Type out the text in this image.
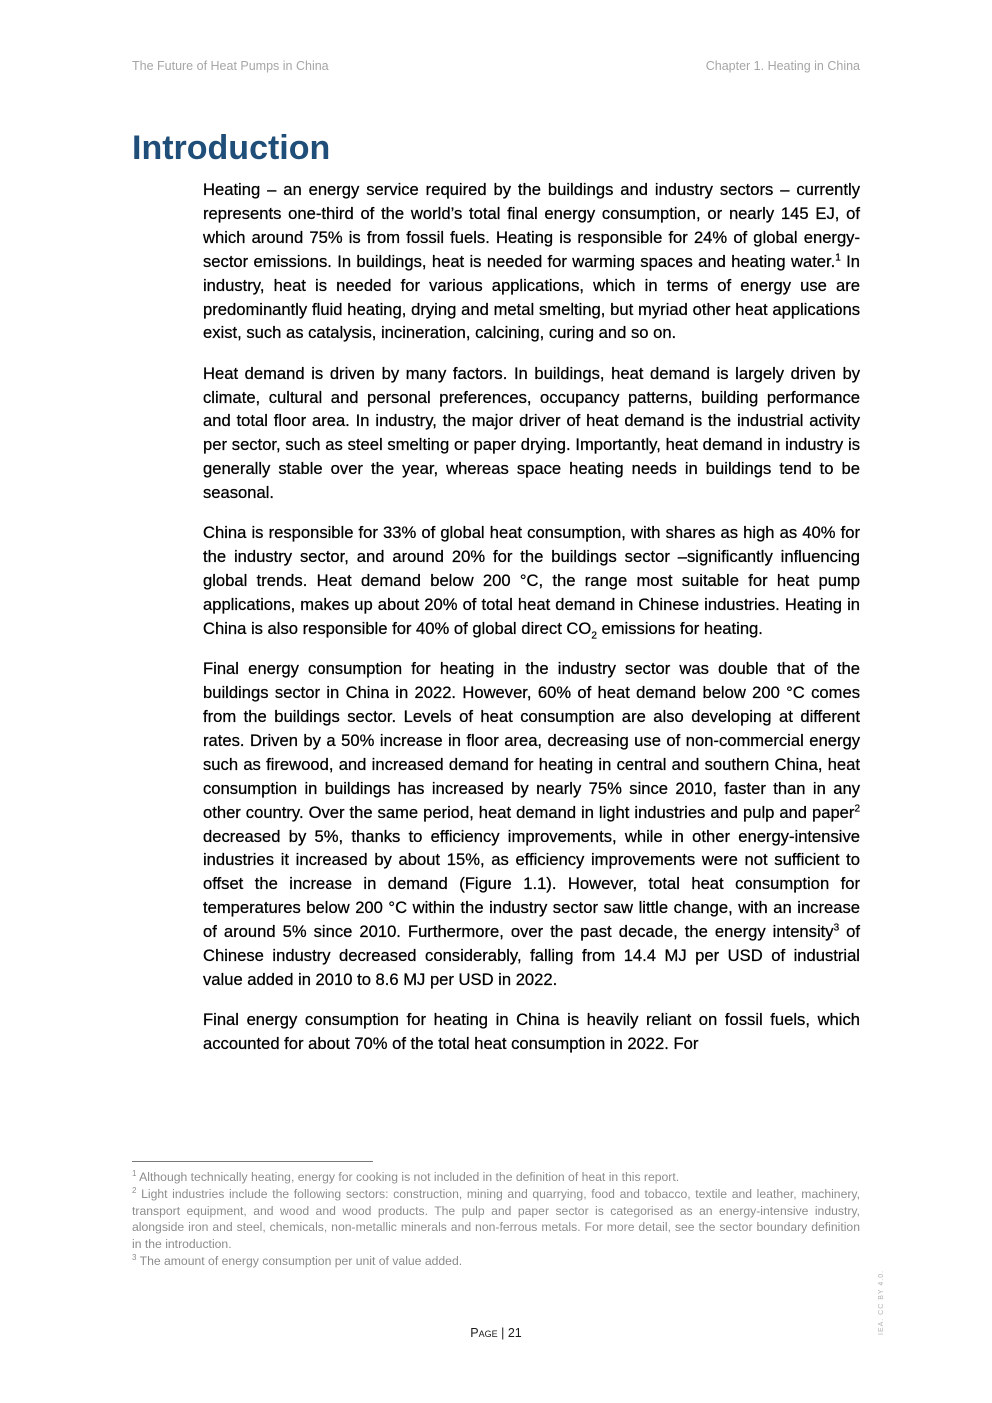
The Future of Heat Pumps in China	Chapter 1. Heating in China
Introduction

Heating – an energy service required by the buildings and industry sectors – currently represents one-third of the world’s total final energy consumption, or nearly 145 EJ, of which around 75% is from fossil fuels. Heating is responsible for 24% of global energy-sector emissions. In buildings, heat is needed for warming spaces and heating water.$^1$ In industry, heat is needed for various applications, which in terms of energy use are predominantly fluid heating, drying and metal smelting, but myriad other heat applications exist, such as catalysis, incineration, calcining, curing and so on.

Heat demand is driven by many factors. In buildings, heat demand is largely driven by climate, cultural and personal preferences, occupancy patterns, building performance and total floor area. In industry, the major driver of heat demand is the industrial activity per sector, such as steel smelting or paper drying. Importantly, heat demand in industry is generally stable over the year, whereas space heating needs in buildings tend to be seasonal.

China is responsible for 33% of global heat consumption, with shares as high as 40% for the industry sector, and around 20% for the buildings sector –significantly influencing global trends. Heat demand below 200 °C, the range most suitable for heat pump applications, makes up about 20% of total heat demand in Chinese industries. Heating in China is also responsible for 40% of global direct $CO_2$ emissions for heating.

Final energy consumption for heating in the industry sector was double that of the buildings sector in China in 2022. However, 60% of heat demand below 200 °C comes from the buildings sector. Levels of heat consumption are also developing at different rates. Driven by a 50% increase in floor area, decreasing use of non-commercial energy such as firewood, and increased demand for heating in central and southern China, heat consumption in buildings has increased by nearly 75% since 2010, faster than in any other country. Over the same period, heat demand in light industries and pulp and paper$^2$ decreased by 5%, thanks to efficiency improvements, while in other energy-intensive industries it increased by about 15%, as efficiency improvements were not sufficient to offset the increase in demand (Figure 1.1). However, total heat consumption for temperatures below 200 °C within the industry sector saw little change, with an increase of around 5% since 2010. Furthermore, over the past decade, the energy intensity$^3$ of Chinese industry decreased considerably, falling from 14.4 MJ per USD of industrial value added in 2010 to 8.6 MJ per USD in 2022.

Final energy consumption for heating in China is heavily reliant on fossil fuels, which accounted for about 70% of the total heat consumption in 2022. For

$^1$ Although technically heating, energy for cooking is not included in the definition of heat in this report.
$^2$ Light industries include the following sectors: construction, mining and quarrying, food and tobacco, textile and leather, machinery, transport equipment, and wood and wood products. The pulp and paper sector is categorised as an energy-intensive industry, alongside iron and steel, chemicals, non-metallic minerals and non-ferrous metals. For more detail, see the sector boundary definition in the introduction.
$^3$ The amount of energy consumption per unit of value added.
Page | 21	IEA. CC BY 4.0.
